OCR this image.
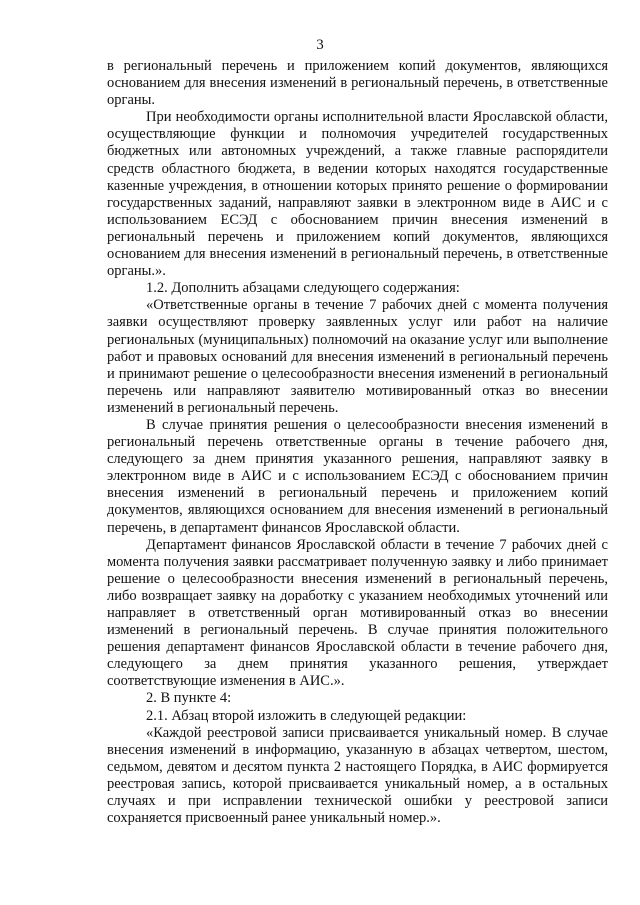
3

в региональный перечень и приложением копий документов, являющихся основанием для внесения изменений в региональный перечень, в ответственные органы.

При необходимости органы исполнительной власти Ярославской области, осуществляющие функции и полномочия учредителей государственных бюджетных или автономных учреждений, а также главные распорядители средств областного бюджета, в ведении которых находятся государственные казенные учреждения, в отношении которых принято решение о формировании государственных заданий, направляют заявки в электронном виде в АИС и с использованием ЕСЭД с обоснованием причин внесения изменений в региональный перечень и приложением копий документов, являющихся основанием для внесения изменений в региональный перечень, в ответственные органы.».

1.2. Дополнить абзацами следующего содержания:

«Ответственные органы в течение 7 рабочих дней с момента получения заявки осуществляют проверку заявленных услуг или работ на наличие региональных (муниципальных) полномочий на оказание услуг или выполнение работ и правовых оснований для внесения изменений в региональный перечень и принимают решение о целесообразности внесения изменений в региональный перечень или направляют заявителю мотивированный отказ во внесении изменений в региональный перечень.

В случае принятия решения о целесообразности внесения изменений в региональный перечень ответственные органы в течение рабочего дня, следующего за днем принятия указанного решения, направляют заявку в электронном виде в АИС и с использованием ЕСЭД с обоснованием причин внесения изменений в региональный перечень и приложением копий документов, являющихся основанием для внесения изменений в региональный перечень, в департамент финансов Ярославской области.

Департамент финансов Ярославской области в течение 7 рабочих дней с момента получения заявки рассматривает полученную заявку и либо принимает решение о целесообразности внесения изменений в региональный перечень, либо возвращает заявку на доработку с указанием необходимых уточнений или направляет в ответственный орган мотивированный отказ во внесении изменений в региональный перечень. В случае принятия положительного решения департамент финансов Ярославской области в течение рабочего дня, следующего за днем принятия указанного решения, утверждает соответствующие изменения в АИС.».

2. В пункте 4:

2.1. Абзац второй изложить в следующей редакции:

«Каждой реестровой записи присваивается уникальный номер. В случае внесения изменений в информацию, указанную в абзацах четвертом, шестом, седьмом, девятом и десятом пункта 2 настоящего Порядка, в АИС формируется реестровая запись, которой присваивается уникальный номер, а в остальных случаях и при исправлении технической ошибки у реестровой записи сохраняется присвоенный ранее уникальный номер.».
